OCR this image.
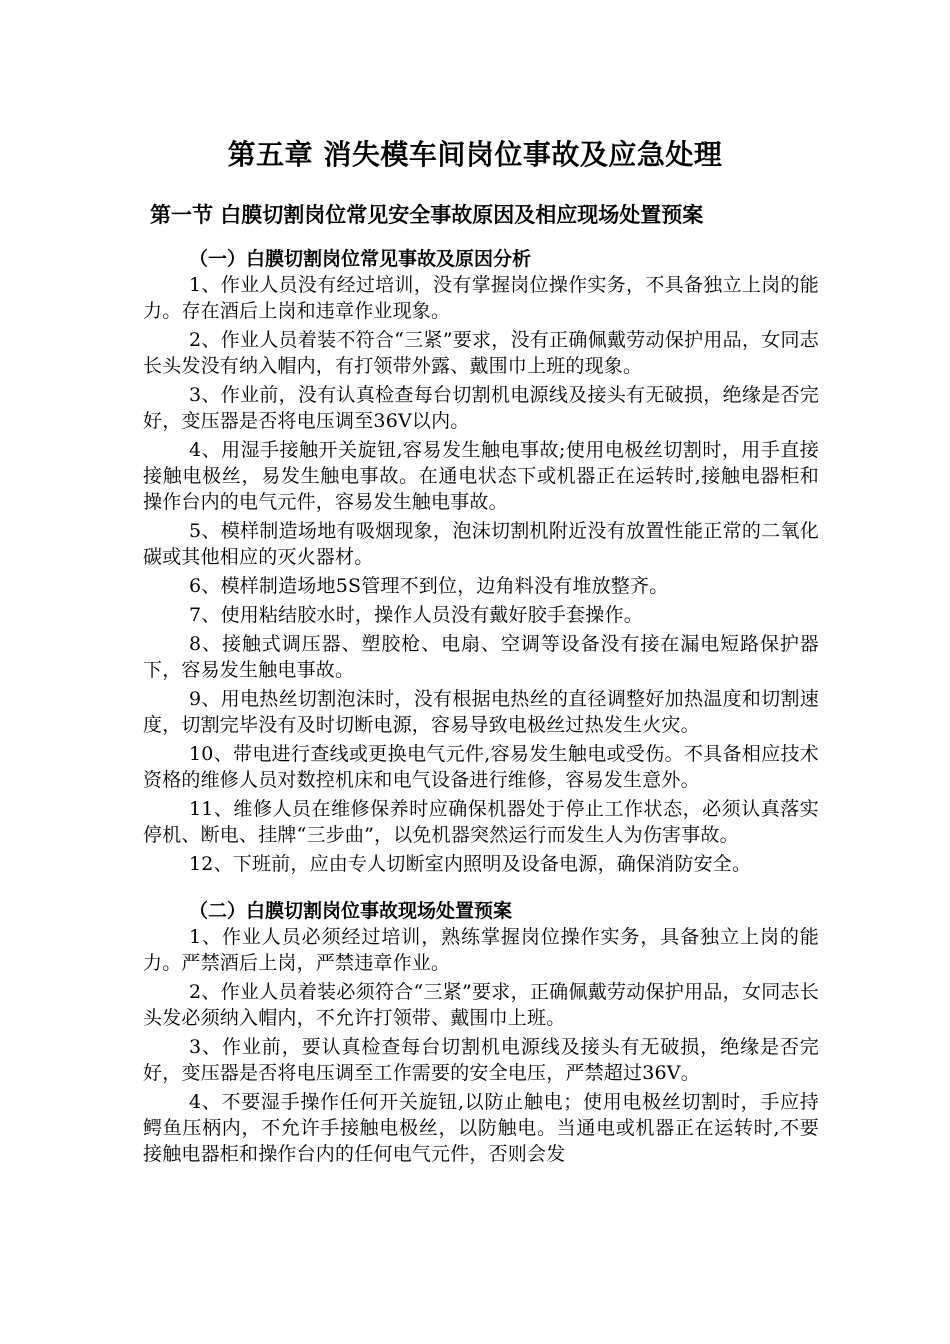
第五章 消失模车间岗位事故及应急处理
第一节 白膜切割岗位常见安全事故原因及相应现场处置预案

（一）白膜切割岗位常见事故及原因分析

1、作业人员没有经过培训，没有掌握岗位操作实务，不具备独立上岗的能力。存在酒后上岗和违章作业现象。

2、作业人员着装不符合“三紧”要求，没有正确佩戴劳动保护用品，女同志长头发没有纳入帽内，有打领带外露、戴围巾上班的现象。

3、作业前，没有认真检查每台切割机电源线及接头有无破损，绝缘是否完好，变压器是否将电压调至36V以内。

4、用湿手接触开关旋钮,容易发生触电事故;使用电极丝切割时，用手直接接触电极丝，易发生触电事故。在通电状态下或机器正在运转时,接触电器柜和操作台内的电气元件，容易发生触电事故。

5、模样制造场地有吸烟现象，泡沫切割机附近没有放置性能正常的二氧化碳或其他相应的灭火器材。

6、模样制造场地5S管理不到位，边角料没有堆放整齐。

7、使用粘结胶水时，操作人员没有戴好胶手套操作。

8、接触式调压器、塑胶枪、电扇、空调等设备没有接在漏电短路保护器下，容易发生触电事故。

9、用电热丝切割泡沫时，没有根据电热丝的直径调整好加热温度和切割速度，切割完毕没有及时切断电源，容易导致电极丝过热发生火灾。

10、带电进行查线或更换电气元件,容易发生触电或受伤。不具备相应技术资格的维修人员对数控机床和电气设备进行维修，容易发生意外。

11、维修人员在维修保养时应确保机器处于停止工作状态，必须认真落实停机、断电、挂牌“三步曲”，以免机器突然运行而发生人为伤害事故。

12、下班前，应由专人切断室内照明及设备电源，确保消防安全。

（二）白膜切割岗位事故现场处置预案

1、作业人员必须经过培训，熟练掌握岗位操作实务，具备独立上岗的能力。严禁酒后上岗，严禁违章作业。

2、作业人员着装必须符合“三紧”要求，正确佩戴劳动保护用品，女同志长头发必须纳入帽内，不允许打领带、戴围巾上班。

3、作业前，要认真检查每台切割机电源线及接头有无破损，绝缘是否完好，变压器是否将电压调至工作需要的安全电压，严禁超过36V。

4、不要湿手操作任何开关旋钮,以防止触电；使用电极丝切割时，手应持鳄鱼压柄内，不允许手接触电极丝，以防触电。当通电或机器正在运转时,不要接触电器柜和操作台内的任何电气元件，否则会发
